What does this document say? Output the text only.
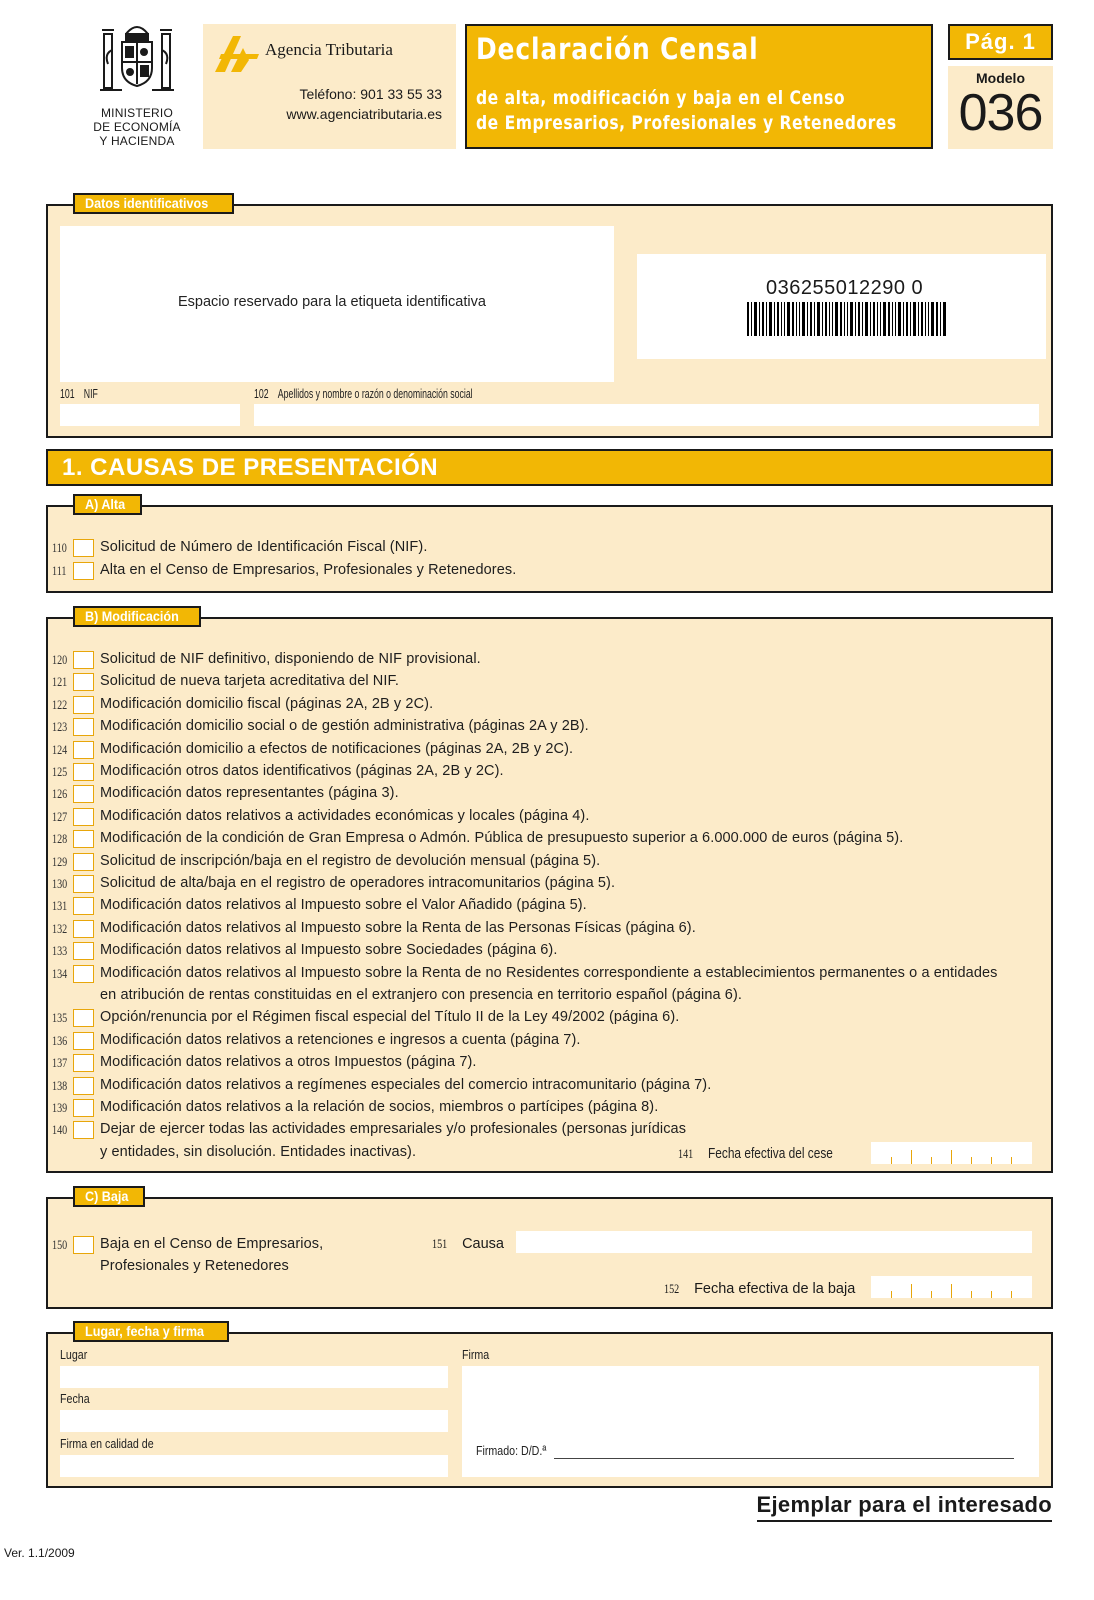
MINISTERIO
DE ECONOMÍA
Y HACIENDA
Agencia Tributaria
Teléfono: 901 33 55 33
www.agenciatributaria.es
Declaración Censal
de alta, modificación y baja en el Censo
de Empresarios, Profesionales y Retenedores
Pág. 1
Modelo
036
Datos identificativos
Espacio reservado para la etiqueta identificativa
036255012290 0
101 NIF	102 Apellidos y nombre o razón o denominación social
1. CAUSAS DE PRESENTACIÓN
A) Alta
110 Solicitud de Número de Identificación Fiscal (NIF).
111 Alta en el Censo de Empresarios, Profesionales y Retenedores.
B) Modificación
120 Solicitud de NIF definitivo, disponiendo de NIF provisional.
121 Solicitud de nueva tarjeta acreditativa del NIF.
122 Modificación domicilio fiscal (páginas 2A, 2B y 2C).
123 Modificación domicilio social o de gestión administrativa (páginas 2A y 2B).
124 Modificación domicilio a efectos de notificaciones (páginas 2A, 2B y 2C).
125 Modificación otros datos identificativos (páginas 2A, 2B y 2C).
126 Modificación datos representantes (página 3).
127 Modificación datos relativos a actividades económicas y locales (página 4).
128 Modificación de la condición de Gran Empresa o Admón. Pública de presupuesto superior a 6.000.000 de euros (página 5).
129 Solicitud de inscripción/baja en el registro de devolución mensual (página 5).
130 Solicitud de alta/baja en el registro de operadores intracomunitarios (página 5).
131 Modificación datos relativos al Impuesto sobre el Valor Añadido (página 5).
132 Modificación datos relativos al Impuesto sobre la Renta de las Personas Físicas (página 6).
133 Modificación datos relativos al Impuesto sobre Sociedades (página 6).
134 Modificación datos relativos al Impuesto sobre la Renta de no Residentes correspondiente a establecimientos permanentes o a entidades
en atribución de rentas constituidas en el extranjero con presencia en territorio español (página 6).
135 Opción/renuncia por el Régimen fiscal especial del Título II de la Ley 49/2002 (página 6).
136 Modificación datos relativos a retenciones e ingresos a cuenta (página 7).
137 Modificación datos relativos a otros Impuestos (página 7).
138 Modificación datos relativos a regímenes especiales del comercio intracomunitario (página 7).
139 Modificación datos relativos a la relación de socios, miembros o partícipes (página 8).
140 Dejar de ejercer todas las actividades empresariales y/o profesionales (personas jurídicas
y entidades, sin disolución. Entidades inactivas).	141 Fecha efectiva del cese
C) Baja
150 Baja en el Censo de Empresarios,
Profesionales y Retenedores
151 Causa
152 Fecha efectiva de la baja
Lugar, fecha y firma
Lugar
Fecha
Firma en calidad de
Firma
Firmado: D/D.ª
Ejemplar para el interesado
Ver. 1.1/2009
